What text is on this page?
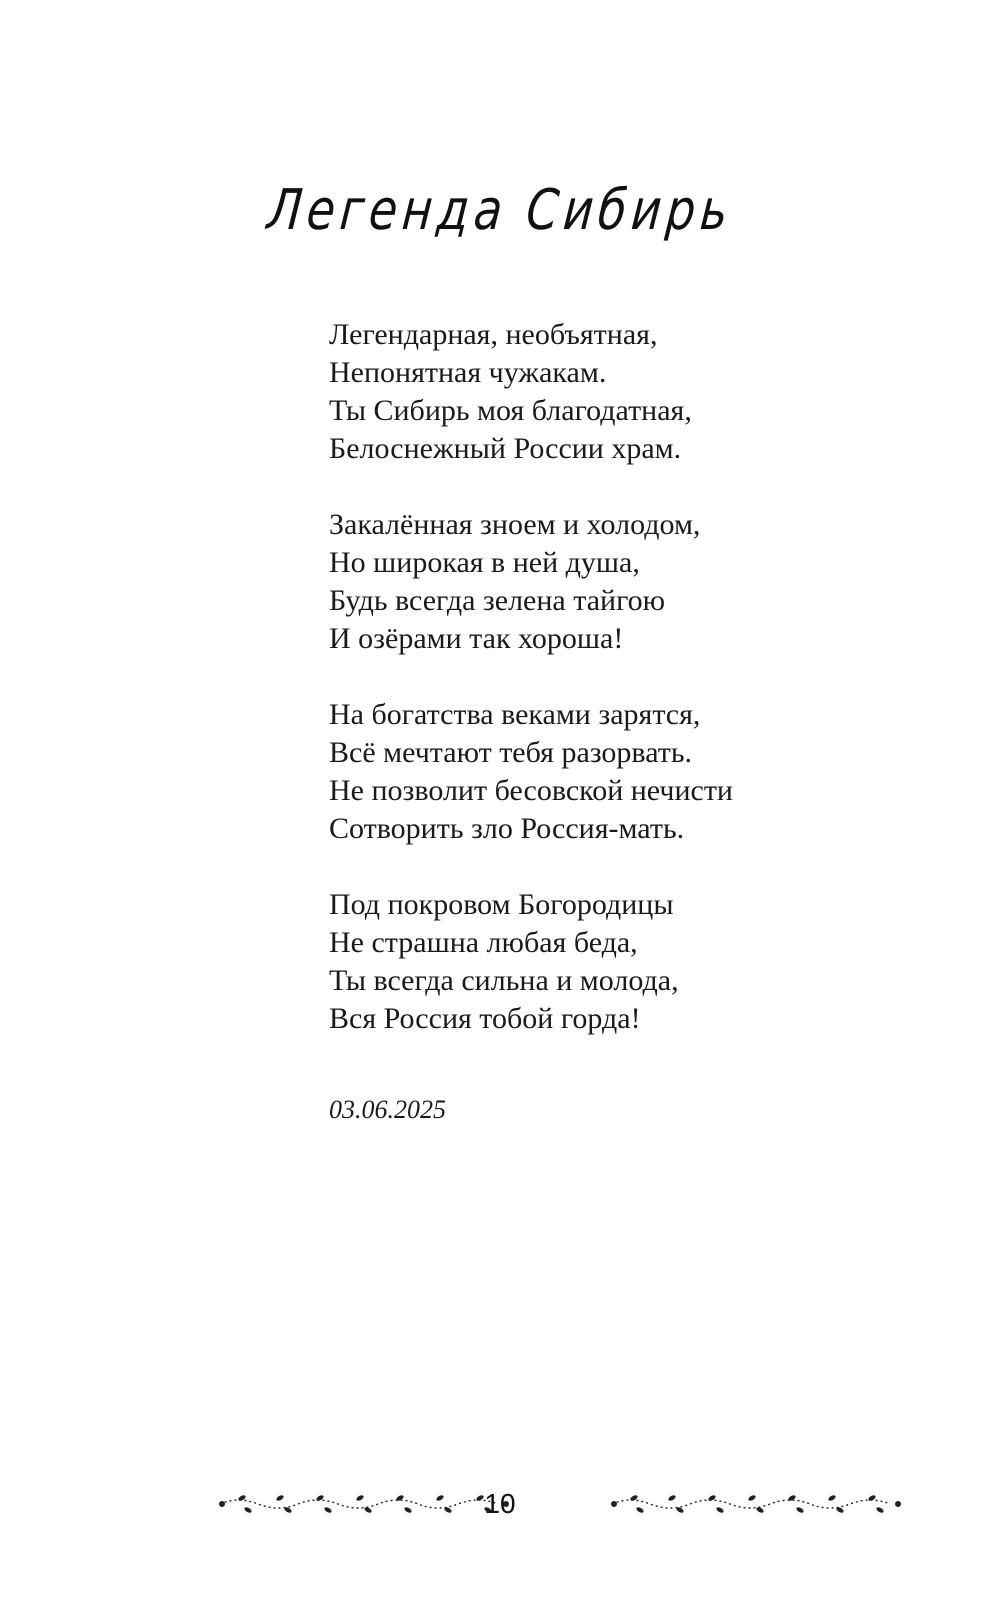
Легенда Сибирь
Легендарная, необъятная,
Непонятная чужакам.
Ты Сибирь моя благодатная,
Белоснежный России храм.
Закалённая зноем и холодом,
Но широкая в ней душа,
Будь всегда зелена тайгою
И озёрами так хороша!
На богатства веками зарятся,
Всё мечтают тебя разорвать.
Не позволит бесовской нечисти
Сотворить зло Россия-мать.
Под покровом Богородицы
Не страшна любая беда,
Ты всегда сильна и молода,
Вся Россия тобой горда!
03.06.2025
10
